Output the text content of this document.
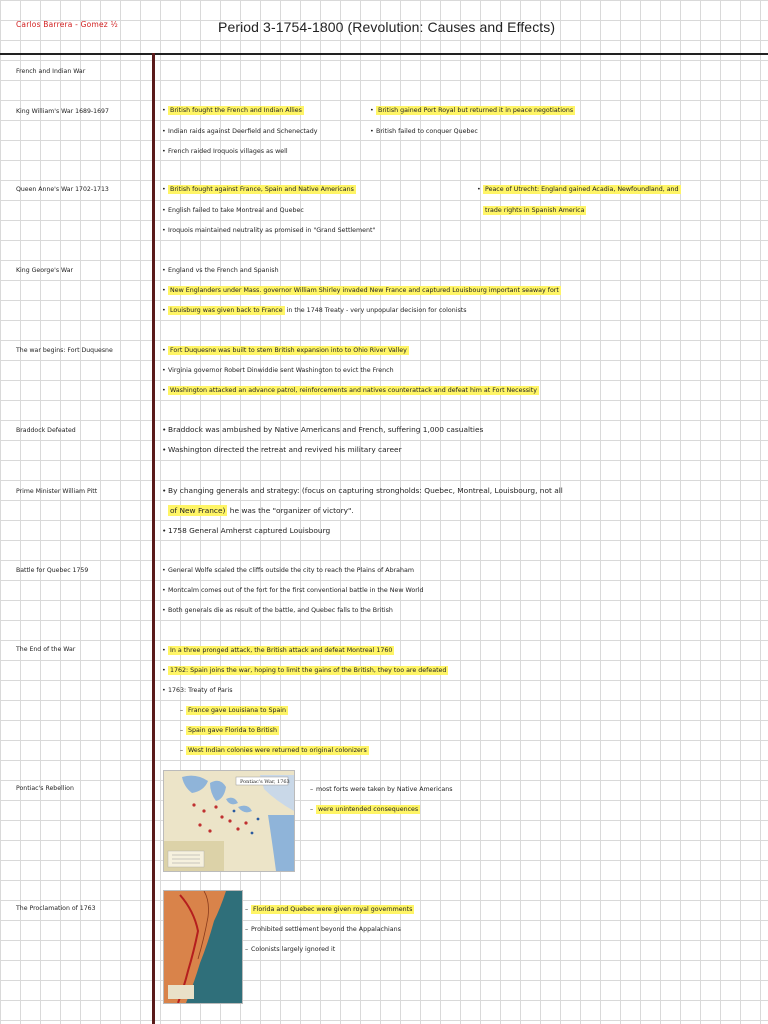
Carlos Barrera - Gomez ½	Period 3-1754-1800 (Revolution: Causes and Effects)
French and Indian War
King William's War 1689-1697
Queen Anne's War 1702-1713
King George's War
The war begins: Fort Duquesne
Braddock Defeated
Prime Minister William Pitt
Battle for Quebec 1759
The End of the War
Pontiac's Rebellion
The Proclamation of 1763
• British fought the French and Indian Allies
• Indian raids against Deerfield and Schenectady
• French raided Iroquois villages as well
• British gained Port Royal but returned it in peace negotiations
• British failed to conquer Quebec
• British fought against France, Spain and Native Americans
• English failed to take Montreal and Quebec
• Iroquois maintained neutrality as promised in "Grand Settlement"
• Peace of Utrecht: England gained Acadia, Newfoundland, and
trade rights in Spanish America
• England vs the French and Spanish
• New Englanders under Mass. governor William Shirley invaded New France and captured Louisbourg important seaway fort
• Louisburg was given back to France in the 1748 Treaty - very unpopular decision for colonists
• Fort Duquesne was built to stem British expansion into to Ohio River Valley
• Virginia governor Robert Dinwiddie sent Washington to evict the French
• Washington attacked an advance patrol, reinforcements and natives counterattack and defeat him at Fort Necessity
• Braddock was ambushed by Native Americans and French, suffering 1,000 casualties
• Washington directed the retreat and revived his military career
• By changing generals and strategy: (focus on capturing strongholds: Quebec, Montreal, Louisbourg, not all
of New France) he was the "organizer of victory".
• 1758 General Amherst captured Louisbourg
• General Wolfe scaled the cliffs outside the city to reach the Plains of Abraham
• Montcalm comes out of the fort for the first conventional battle in the New World
• Both generals die as result of the battle, and Quebec falls to the British
• In a three pronged attack, the British attack and defeat Montreal 1760
• 1762: Spain joins the war, hoping to limit the gains of the British, they too are defeated
• 1763: Treaty of Paris
– France gave Louisiana to Spain
– Spain gave Florida to British
– West Indian colonies were returned to original colonizers
Pontiac's War, 1763
– most forts were taken by Native Americans
– were unintended consequences
– Florida and Quebec were given royal governments
– Prohibited settlement beyond the Appalachians
– Colonists largely ignored it
